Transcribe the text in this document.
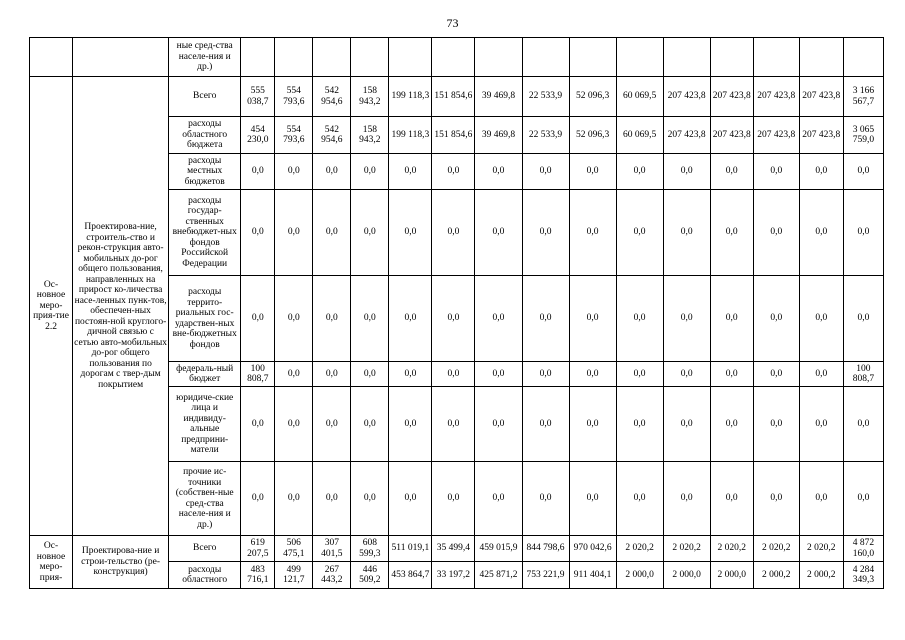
73
		ные сред-ства населе-ния и др.)															
Ос-новное меро-прия-тие 2.2	Проектирова-ние, строитель-ство и рекон-струкция авто-мобильных до-рог общего пользования, направленных на прирост ко-личества насе-ленных пунк-тов, обеспечен-ных постоян-ной круглого-дичной связью с сетью авто-мобильных до-рог общего пользования по дорогам с твер-дым покрытием	Всего	555 038,7	554 793,6	542 954,6	158 943,2	199 118,3	151 854,6	39 469,8	22 533,9	52 096,3	60 069,5	207 423,8	207 423,8	207 423,8	207 423,8	3 166 567,7
		расходы областного бюджета	454 230,0	554 793,6	542 954,6	158 943,2	199 118,3	151 854,6	39 469,8	22 533,9	52 096,3	60 069,5	207 423,8	207 423,8	207 423,8	207 423,8	3 065 759,0
		расходы местных бюджетов	0,0	0,0	0,0	0,0	0,0	0,0	0,0	0,0	0,0	0,0	0,0	0,0	0,0	0,0	0,0
		расходы государ-ственных внебюджет-ных фондов Российской Федерации	0,0	0,0	0,0	0,0	0,0	0,0	0,0	0,0	0,0	0,0	0,0	0,0	0,0	0,0	0,0
		расходы террито-риальных гос-ударствен-ных вне-бюджетных фондов	0,0	0,0	0,0	0,0	0,0	0,0	0,0	0,0	0,0	0,0	0,0	0,0	0,0	0,0	0,0
		федераль-ный бюджет	100 808,7	0,0	0,0	0,0	0,0	0,0	0,0	0,0	0,0	0,0	0,0	0,0	0,0	0,0	100 808,7
		юридиче-ские лица и индивиду-альные предприни-матели	0,0	0,0	0,0	0,0	0,0	0,0	0,0	0,0	0,0	0,0	0,0	0,0	0,0	0,0	0,0
		прочие ис-точники (собствен-ные сред-ства населе-ния и др.)	0,0	0,0	0,0	0,0	0,0	0,0	0,0	0,0	0,0	0,0	0,0	0,0	0,0	0,0	0,0
Ос-новное меро-прия-	Проектирова-ние и строи-тельство (ре-конструкция)	Всего	619 207,5	506 475,1	307 401,5	608 599,3	511 019,1	35 499,4	459 015,9	844 798,6	970 042,6	2 020,2	2 020,2	2 020,2	2 020,2	2 020,2	4 872 160,0
		расходы областного	483 716,1	499 121,7	267 443,2	446 509,2	453 864,7	33 197,2	425 871,2	753 221,9	911 404,1	2 000,0	2 000,0	2 000,0	2 000,2	2 000,2	4 284 349,3
